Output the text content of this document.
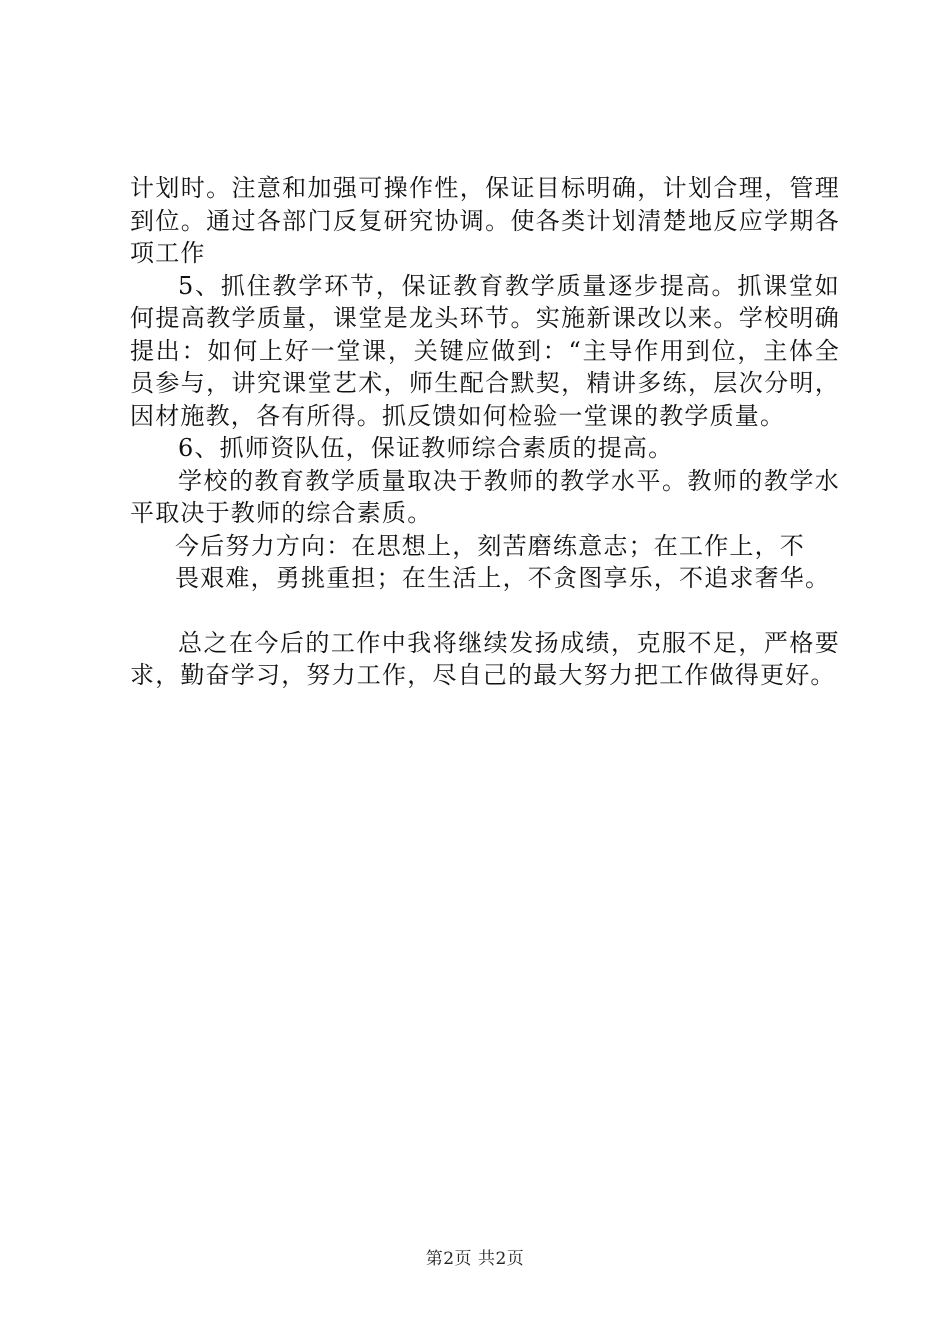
计划时。注意和加强可操作性，保证目标明确，计划合理，管理到位。通过各部门反复研究协调。使各类计划清楚地反应学期各项工作

5、抓住教学环节，保证教育教学质量逐步提高。抓课堂如何提高教学质量，课堂是龙头环节。实施新课改以来。学校明确提出：如何上好一堂课，关键应做到：“主导作用到位，主体全员参与，讲究课堂艺术，师生配合默契，精讲多练，层次分明，因材施教，各有所得。抓反馈如何检验一堂课的教学质量。

6、抓师资队伍，保证教师综合素质的提高。

学校的教育教学质量取决于教师的教学水平。教师的教学水平取决于教师的综合素质。

今后努力方向：在思想上，刻苦磨练意志；在工作上，不

畏艰难，勇挑重担；在生活上，不贪图享乐，不追求奢华。

总之在今后的工作中我将继续发扬成绩，克服不足，严格要求，勤奋学习，努力工作，尽自己的最大努力把工作做得更好。

第2页 共2页
